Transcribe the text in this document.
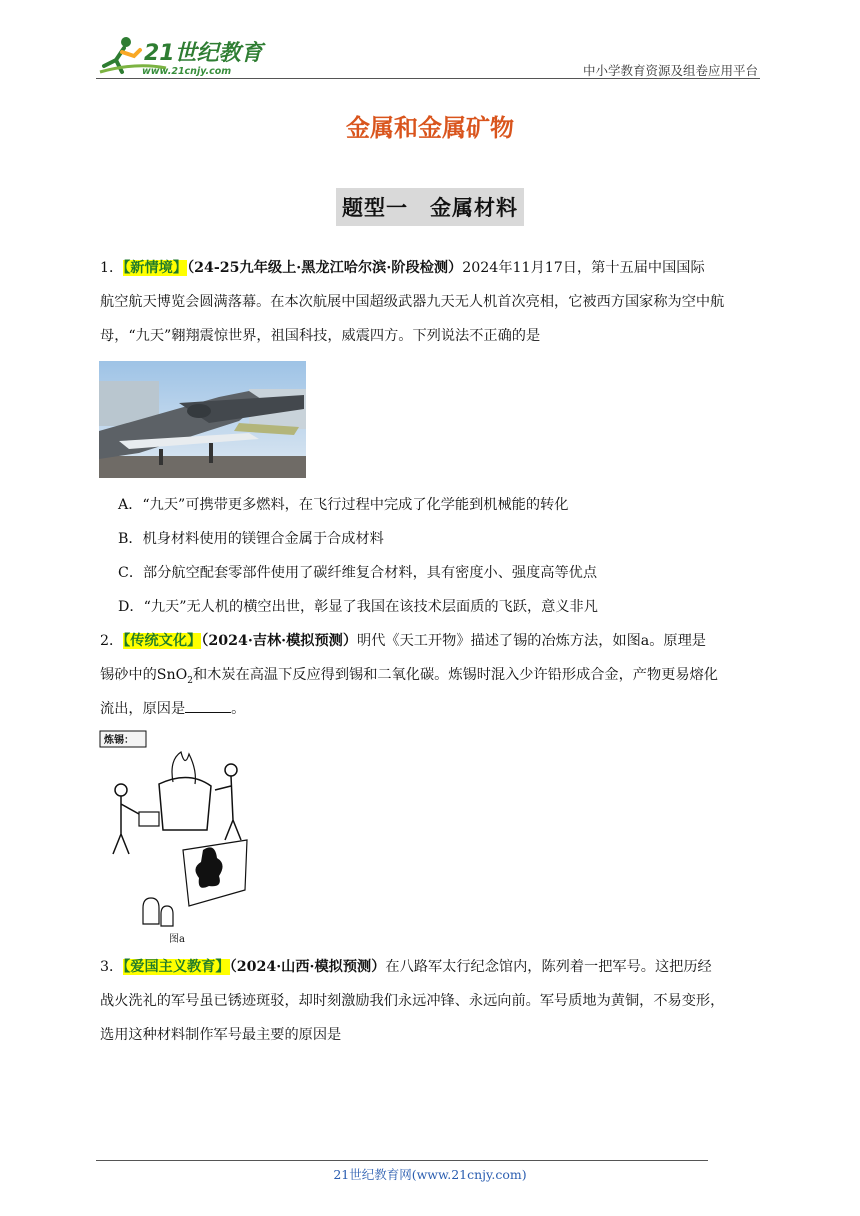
21世纪教育
www.21cnjy.com	中小学教育资源及组卷应用平台
金属和金属矿物
题型一 金属材料
1．【新情境】（24-25九年级上·黑龙江哈尔滨·阶段检测）2024年11月17日，第十五届中国国际
航空航天博览会圆满落幕。在本次航展中国超级武器九天无人机首次亮相，它被西方国家称为空中航
母，“九天”翱翔震惊世界，祖国科技，威震四方。下列说法不正确的是
A．“九天”可携带更多燃料，在飞行过程中完成了化学能到机械能的转化
B．机身材料使用的镁锂合金属于合成材料
C．部分航空配套零部件使用了碳纤维复合材料，具有密度小、强度高等优点
D．“九天”无人机的横空出世，彰显了我国在该技术层面质的飞跃，意义非凡
2．【传统文化】（2024·吉林·模拟预测）明代《天工开物》描述了锡的冶炼方法，如图a。原理是
锡砂中的SnO$_2$和木炭在高温下反应得到锡和二氧化碳。炼锡时混入少许铅形成合金，产物更易熔化
流出，原因是	。
炼锡：
图a
3．【爱国主义教育】（2024·山西·模拟预测）在八路军太行纪念馆内，陈列着一把军号。这把历经
战火洗礼的军号虽已锈迹斑驳，却时刻激励我们永远冲锋、永远向前。军号质地为黄铜，不易变形，
选用这种材料制作军号最主要的原因是
21世纪教育网(www.21cnjy.com)
